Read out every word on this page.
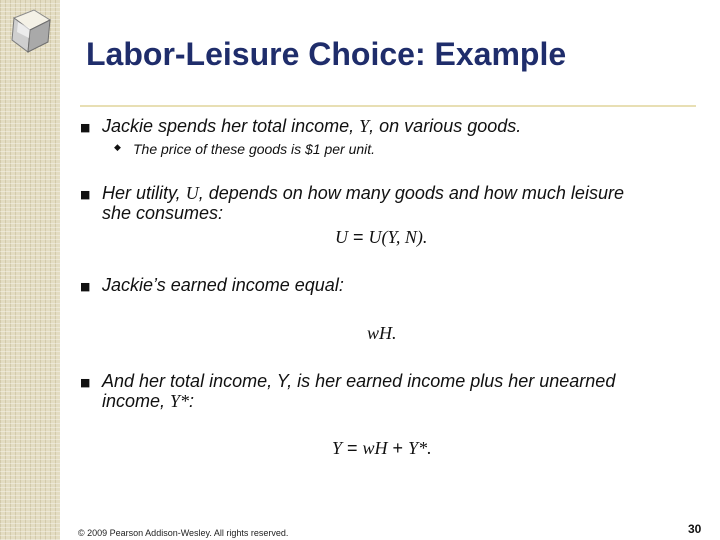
Labor-Leisure Choice: Example
■ Jackie spends her total income, Y, on various goods.
◆ The price of these goods is $1 per unit.
■ Her utility, U, depends on how many goods and how much leisure
she consumes:
U = U(Y, N).
■ Jackie’s earned income equal:
wH.
■ And her total income, Y, is her earned income plus her unearned
income, Y*:
Y = wH + Y*.
© 2009 Pearson Addison-Wesley. All rights reserved.	30
